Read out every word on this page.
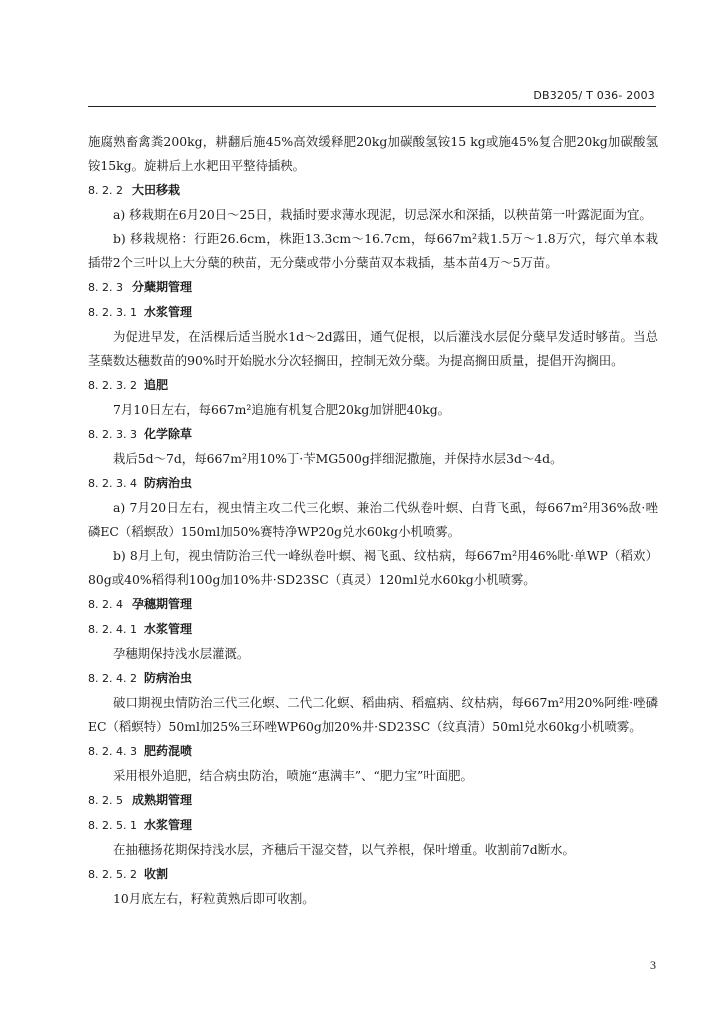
DB3205/ T 036- 2003

施腐熟畜禽粪200kg，耕翻后施45%高效缓释肥20kg加碳酸氢铵15 kg或施45%复合肥20kg加碳酸氢铵15kg。旋耕后上水耙田平整待插秧。

8. 2. 2 大田移栽

a) 移栽期在6月20日～25日，栽插时要求薄水现泥，切忌深水和深插，以秧苗第一叶露泥面为宜。

b) 移栽规格：行距26.6cm，株距13.3cm～16.7cm，每667m²栽1.5万～1.8万穴，每穴单本栽插带2个三叶以上大分蘖的秧苗，无分蘖或带小分蘖苗双本栽插，基本苗4万～5万苗。

8. 2. 3 分蘖期管理
8. 2. 3. 1 水浆管理

为促进早发，在活棵后适当脱水1d～2d露田，通气促根，以后灌浅水层促分蘖早发适时够苗。当总茎蘖数达穗数苗的90%时开始脱水分次轻搁田，控制无效分蘖。为提高搁田质量，提倡开沟搁田。

8. 2. 3. 2 追肥

7月10日左右，每667m²追施有机复合肥20kg加饼肥40kg。

8. 2. 3. 3 化学除草

栽后5d～7d，每667m²用10%丁·苄MG500g拌细泥撒施，并保持水层3d～4d。

8. 2. 3. 4 防病治虫

a) 7月20日左右，视虫情主攻二代三化螟、兼治二代纵卷叶螟、白背飞虱，每667m²用36%敌·唑磷EC（稻螟敌）150ml加50%赛特净WP20g兑水60kg小机喷雾。

b) 8月上旬，视虫情防治三代一峰纵卷叶螟、褐飞虱、纹枯病，每667m²用46%吡·单WP（稻欢）80g或40%稻得利100g加10%井·SD23SC（真灵）120ml兑水60kg小机喷雾。

8. 2. 4 孕穗期管理
8. 2. 4. 1 水浆管理

孕穗期保持浅水层灌溉。

8. 2. 4. 2 防病治虫

破口期视虫情防治三代三化螟、二代二化螟、稻曲病、稻瘟病、纹枯病，每667m²用20%阿维·唑磷EC（稻螟特）50ml加25%三环唑WP60g加20%井·SD23SC（纹真清）50ml兑水60kg小机喷雾。

8. 2. 4. 3 肥药混喷

采用根外追肥，结合病虫防治，喷施“惠满丰”、“肥力宝”叶面肥。

8. 2. 5 成熟期管理
8. 2. 5. 1 水浆管理

在抽穗扬花期保持浅水层，齐穗后干湿交替，以气养根，保叶增重。收割前7d断水。

8. 2. 5. 2 收割

10月底左右，籽粒黄熟后即可收割。

3
